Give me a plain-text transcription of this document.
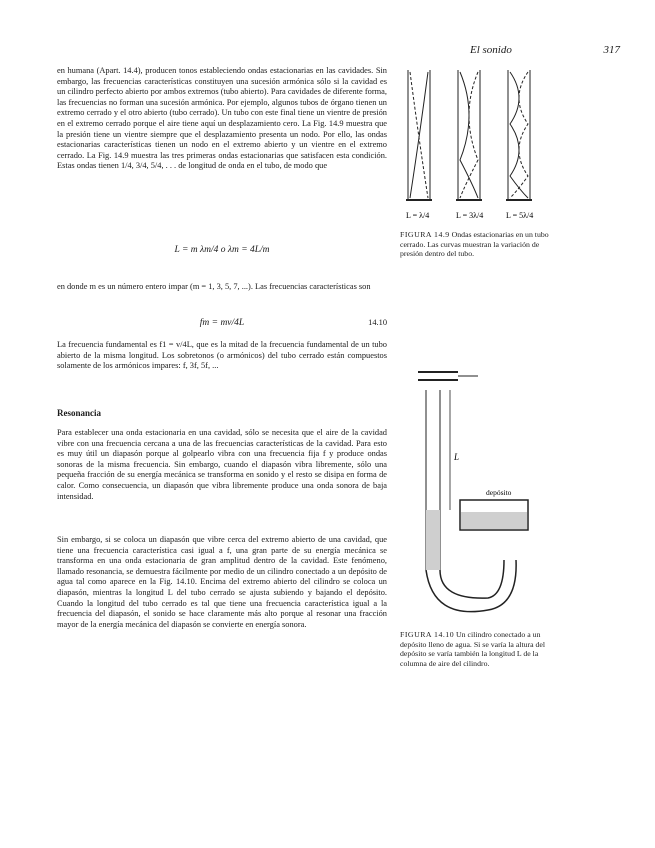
El sonido	317

en humana (Apart. 14.4), producen tonos estableciendo ondas estacionarias en las cavidades. Sin embargo, las frecuencias características constituyen una sucesión armónica sólo si la cavidad es un cilindro perfecto abierto por ambos extremos (tubo abierto). Para cavidades de diferente forma, las frecuencias no forman una sucesión armónica. Por ejemplo, algunos tubos de órgano tienen un extremo cerrado y el otro abierto (tubo cerrado). Un tubo con este final tiene un vientre de presión en el extremo cerrado porque el aire tiene aquí un desplazamiento cero. La Fig. 14.9 muestra que la presión tiene un vientre siempre que el desplazamiento presenta un nodo. Por ello, las ondas estacionarias características tienen un nodo en el extremo abierto y un vientre en el extremo cerrado. La Fig. 14.9 muestra las tres primeras ondas estacionarias que satisfacen esta condición. Estas ondas tienen 1/4, 3/4, 5/4, . . . de longitud de onda en el tubo, de modo que

L = m λm/4 o λm = 4L/m

en donde m es un número entero impar (m = 1, 3, 5, 7, ...). Las frecuencias características son

fm = mv/4L	14.10

La frecuencia fundamental es f1 = v/4L, que es la mitad de la frecuencia fundamental de un tubo abierto de la misma longitud. Los sobretonos (o armónicos) del tubo cerrado están compuestos solamente de los armónicos impares: f, 3f, 5f, ...

Resonancia

Para establecer una onda estacionaria en una cavidad, sólo se necesita que el aire de la cavidad vibre con una frecuencia cercana a una de las frecuencias características de la cavidad. Para esto es muy útil un diapasón porque al golpearlo vibra con una frecuencia fija f y produce ondas sonoras de la misma frecuencia. Sin embargo, cuando el diapasón vibra libremente, sólo una pequeña fracción de su energía mecánica se transforma en sonido y el resto se disipa en forma de calor. Como consecuencia, un diapasón que vibra libremente produce una onda sonora de baja intensidad.

Sin embargo, si se coloca un diapasón que vibre cerca del extremo abierto de una cavidad, que tiene una frecuencia característica casi igual a f, una gran parte de su energía mecánica se transforma en una onda estacionaria de gran amplitud dentro de la cavidad. Este fenómeno, llamado resonancia, se demuestra fácilmente por medio de un cilindro conectado a un depósito de agua tal como aparece en la Fig. 14.10. Encima del extremo abierto del cilindro se coloca un diapasón, mientras la longitud L del tubo cerrado se ajusta subiendo y bajando el depósito. Cuando la longitud del tubo cerrado es tal que tiene una frecuencia característica igual a la frecuencia del diapasón, el sonido se hace claramente más alto porque al resonar una fracción mayor de la energía mecánica del diapasón se convierte en energía sonora.

L = λ/4	L = 3λ/4	L = 5λ/4
FIGURA 14.9 Ondas estacionarias en un tubo cerrado. Las curvas muestran la variación de presión dentro del tubo.
L
depósito
FIGURA 14.10 Un cilindro conectado a un depósito lleno de agua. Si se varía la altura del depósito se varía también la longitud L de la columna de aire del cilindro.
